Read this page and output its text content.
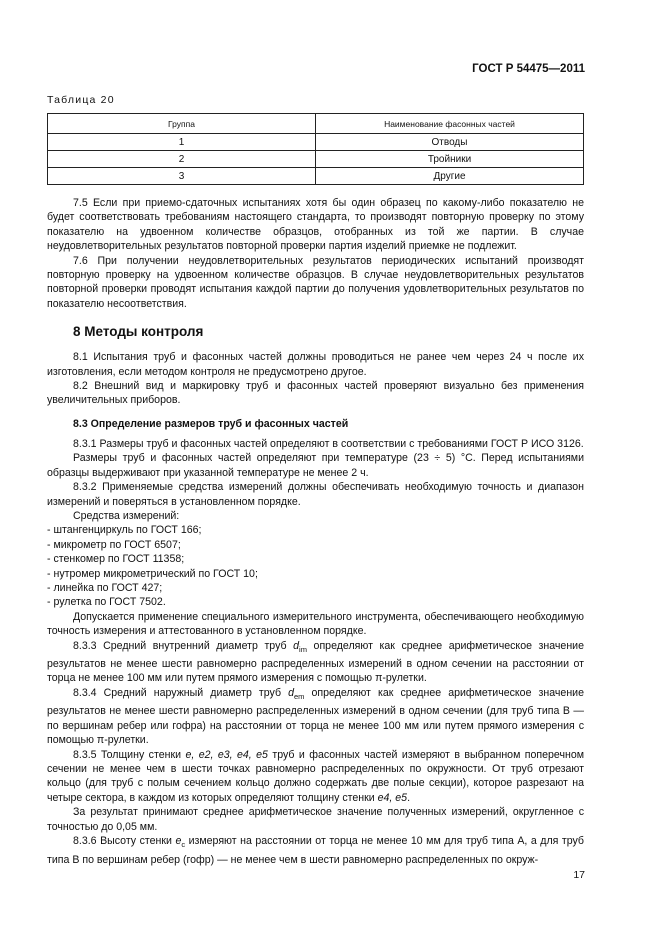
ГОСТ Р 54475—2011
Таблица 20
Группа	Наименование фасонных частей
1	Отводы
2	Тройники
3	Другие

7.5 Если при приемо-сдаточных испытаниях хотя бы один образец по какому-либо показателю не будет соответствовать требованиям настоящего стандарта, то производят повторную проверку по этому показателю на удвоенном количестве образцов, отобранных из той же партии. В случае неудовлетворительных результатов повторной проверки партия изделий приемке не подлежит.

7.6 При получении неудовлетворительных результатов периодических испытаний производят повторную проверку на удвоенном количестве образцов. В случае неудовлетворительных результатов повторной проверки проводят испытания каждой партии до получения удовлетворительных результатов по показателю несоответствия.

8 Методы контроля

8.1 Испытания труб и фасонных частей должны проводиться не ранее чем через 24 ч после их изготовления, если методом контроля не предусмотрено другое.

8.2 Внешний вид и маркировку труб и фасонных частей проверяют визуально без применения увеличительных приборов.

8.3 Определение размеров труб и фасонных частей

8.3.1 Размеры труб и фасонных частей определяют в соответствии с требованиями ГОСТ Р ИСО 3126.

Размеры труб и фасонных частей определяют при температуре (23 ÷ 5) °С. Перед испытаниями образцы выдерживают при указанной температуре не менее 2 ч.

8.3.2 Применяемые средства измерений должны обеспечивать необходимую точность и диапазон измерений и поверяться в установленном порядке.

Средства измерений:

- штангенциркуль по ГОСТ 166;

- микрометр по ГОСТ 6507;

- стенкомер по ГОСТ 11358;

- нутромер микрометрический по ГОСТ 10;

- линейка по ГОСТ 427;

- рулетка по ГОСТ 7502.

Допускается применение специального измерительного инструмента, обеспечивающего необходимую точность измерения и аттестованного в установленном порядке.

8.3.3 Средний внутренний диаметр труб $d_{im}$ определяют как среднее арифметическое значение результатов не менее шести равномерно распределенных измерений в одном сечении на расстоянии от торца не менее 100 мм или путем прямого измерения с помощью π-рулетки.

8.3.4 Средний наружный диаметр труб $d_{em}$ определяют как среднее арифметическое значение результатов не менее шести равномерно распределенных измерений в одном сечении (для труб типа В — по вершинам ребер или гофра) на расстоянии от торца не менее 100 мм или путем прямого измерения с помощью π-рулетки.

8.3.5 Толщину стенки e, e2, e3, e4, e5 труб и фасонных частей измеряют в выбранном поперечном сечении не менее чем в шести точках равномерно распределенных по окружности. От труб отрезают кольцо (для труб с полым сечением кольцо должно содержать две полые секции), которое разрезают на четыре сектора, в каждом из которых определяют толщину стенки e4, e5.

За результат принимают среднее арифметическое значение полученных измерений, округленное с точностью до 0,05 мм.

8.3.6 Высоту стенки $e_c$ измеряют на расстоянии от торца не менее 10 мм для труб типа А, а для труб типа В по вершинам ребер (гофр) — не менее чем в шести равномерно распределенных по окруж-

17
